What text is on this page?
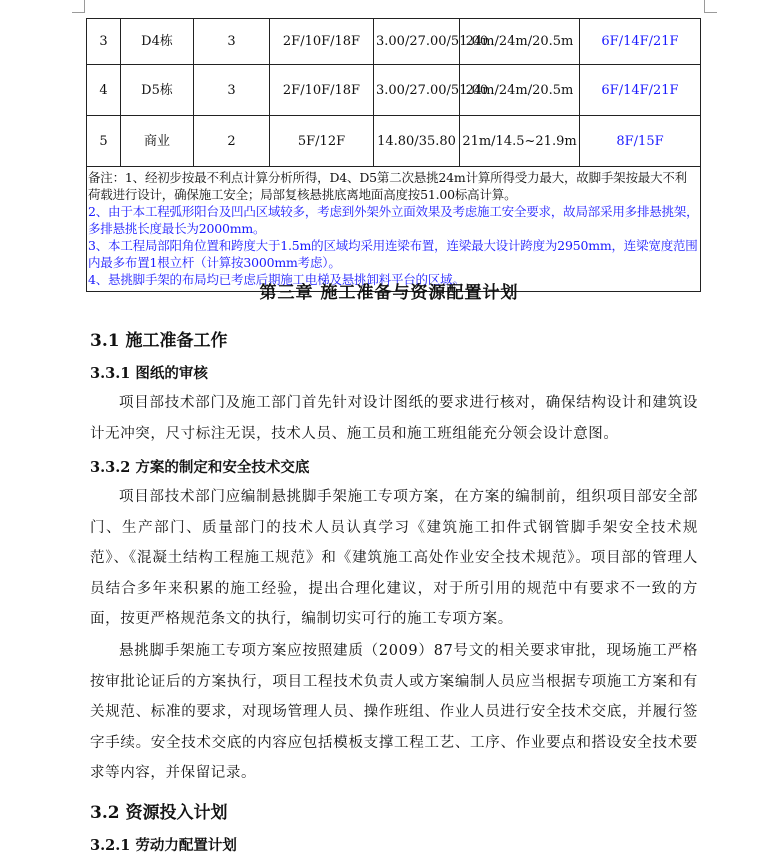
3	D4栋	3	2F/10F/18F	3.00/27.00/51.00	24m/24m/20.5m	6F/14F/21F
4	D5栋	3	2F/10F/18F	3.00/27.00/51.00	24m/24m/20.5m	6F/14F/21F
5	商业	2	5F/12F	14.80/35.80	21m/14.5~21.9m	8F/15F

备注：1、经初步按最不利点计算分析所得，D4、D5第二次悬挑24m计算所得受力最大，故脚手架按最大不利荷载进行设计，确保施工安全；局部复核悬挑底离地面高度按51.00标高计算。
2、由于本工程弧形阳台及凹凸区域较多，考虑到外架外立面效果及考虑施工安全要求，故局部采用多排悬挑架，多排悬挑长度最长为2000mm。
3、本工程局部阳角位置和跨度大于1.5m的区域均采用连梁布置，连梁最大设计跨度为2950mm，连梁宽度范围内最多布置1根立杆（计算按3000mm考虑）。
4、悬挑脚手架的布局均已考虑后期施工电梯及悬挑卸料平台的区域。						
第三章 施工准备与资源配置计划
3.1 施工准备工作
3.3.1 图纸的审核

项目部技术部门及施工部门首先针对设计图纸的要求进行核对，确保结构设计和建筑设计无冲突，尺寸标注无误，技术人员、施工员和施工班组能充分领会设计意图。

3.3.2 方案的制定和安全技术交底

项目部技术部门应编制悬挑脚手架施工专项方案，在方案的编制前，组织项目部安全部门、生产部门、质量部门的技术人员认真学习《建筑施工扣件式钢管脚手架安全技术规范》、《混凝土结构工程施工规范》和《建筑施工高处作业安全技术规范》。项目部的管理人员结合多年来积累的施工经验，提出合理化建议，对于所引用的规范中有要求不一致的方面，按更严格规范条文的执行，编制切实可行的施工专项方案。

悬挑脚手架施工专项方案应按照建质（2009）87号文的相关要求审批，现场施工严格按审批论证后的方案执行，项目工程技术负责人或方案编制人员应当根据专项施工方案和有关规范、标准的要求，对现场管理人员、操作班组、作业人员进行安全技术交底，并履行签字手续。安全技术交底的内容应包括模板支撑工程工艺、工序、作业要点和搭设安全技术要求等内容，并保留记录。

3.2 资源投入计划
3.2.1 劳动力配置计划
